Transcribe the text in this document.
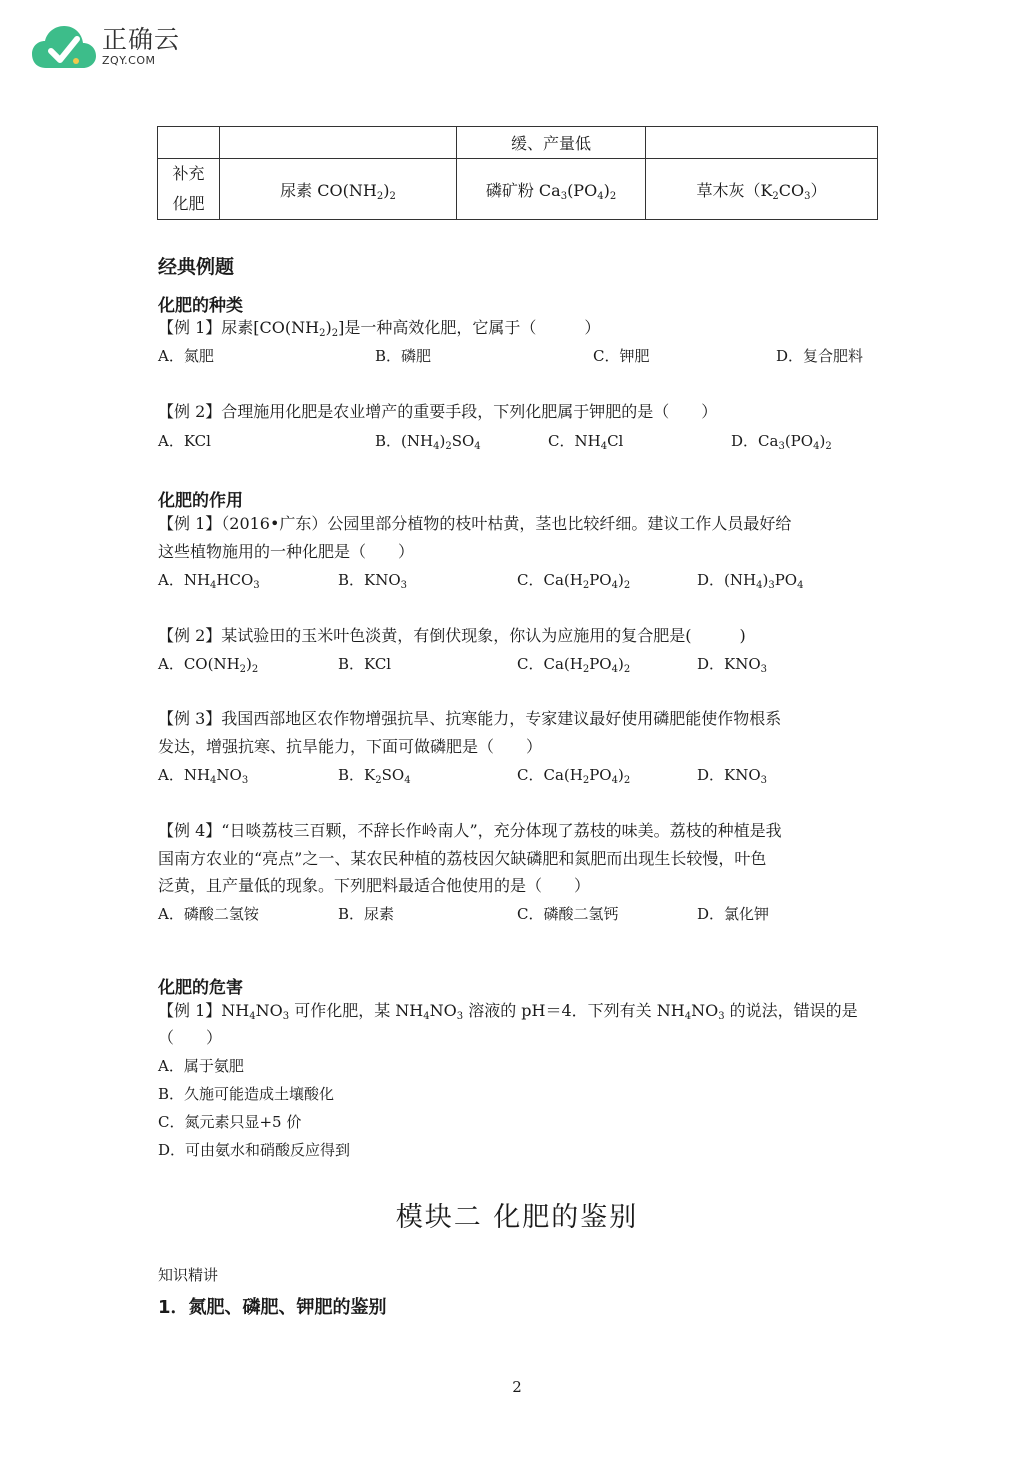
正确云
ZQY.COM
		缓、产量低	
补充
化肥	尿素 $CO(NH_2)_2$	磷矿粉 $Ca_3(PO_4)_2$	草木灰$(K_2CO_3)$
经典例题
化肥的种类
【例 1】尿素$[CO(NH_2)_2]$是一种高效化肥，它属于（　　　）
A．氮肥	B．磷肥	C．钾肥	D．复合肥料
【例 2】合理施用化肥是农业增产的重要手段，下列化肥属于钾肥的是（　　）
A．KCl	B．$(NH_4)_2SO_4$	C．$NH_4Cl$	D．$Ca_3(PO_4)_2$
化肥的作用
【例 1】（2016•广东）公园里部分植物的枝叶枯黄，茎也比较纤细。建议工作人员最好给
这些植物施用的一种化肥是（　　）
A．$NH_4HCO_3$	B．$KNO_3$	C．$Ca(H_2PO_4)_2$	D．$(NH_4)_3PO_4$
【例 2】某试验田的玉米叶色淡黄，有倒伏现象，你认为应施用的复合肥是(　　　)
A．$CO(NH_2)_2$	B．KCl	C．$Ca(H_2PO_4)_2$	D．$KNO_3$
【例 3】我国西部地区农作物增强抗旱、抗寒能力，专家建议最好使用磷肥能使作物根系
发达，增强抗寒、抗旱能力，下面可做磷肥是（　　）
A．$NH_4NO_3$	B．$K_2SO_4$	C．$Ca(H_2PO_4)_2$	D．$KNO_3$
【例 4】“日啖荔枝三百颗，不辞长作岭南人”，充分体现了荔枝的味美。荔枝的种植是我
国南方农业的“亮点”之一、某农民种植的荔枝因欠缺磷肥和氮肥而出现生长较慢，叶色
泛黄，且产量低的现象。下列肥料最适合他使用的是（　　）
A．磷酸二氢铵	B．尿素	C．磷酸二氢钙	D．氯化钾
化肥的危害
【例 1】$NH_4NO_3$ 可作化肥，某 $NH_4NO_3$ 溶液的 pH＝4．下列有关 $NH_4NO_3$ 的说法，错误的是
（　　）
A．属于氨肥
B．久施可能造成土壤酸化
C．氮元素只显+5 价
D．可由氨水和硝酸反应得到
知识精讲
1．氮肥、磷肥、钾肥的鉴别
模块二 化肥的鉴别
2
